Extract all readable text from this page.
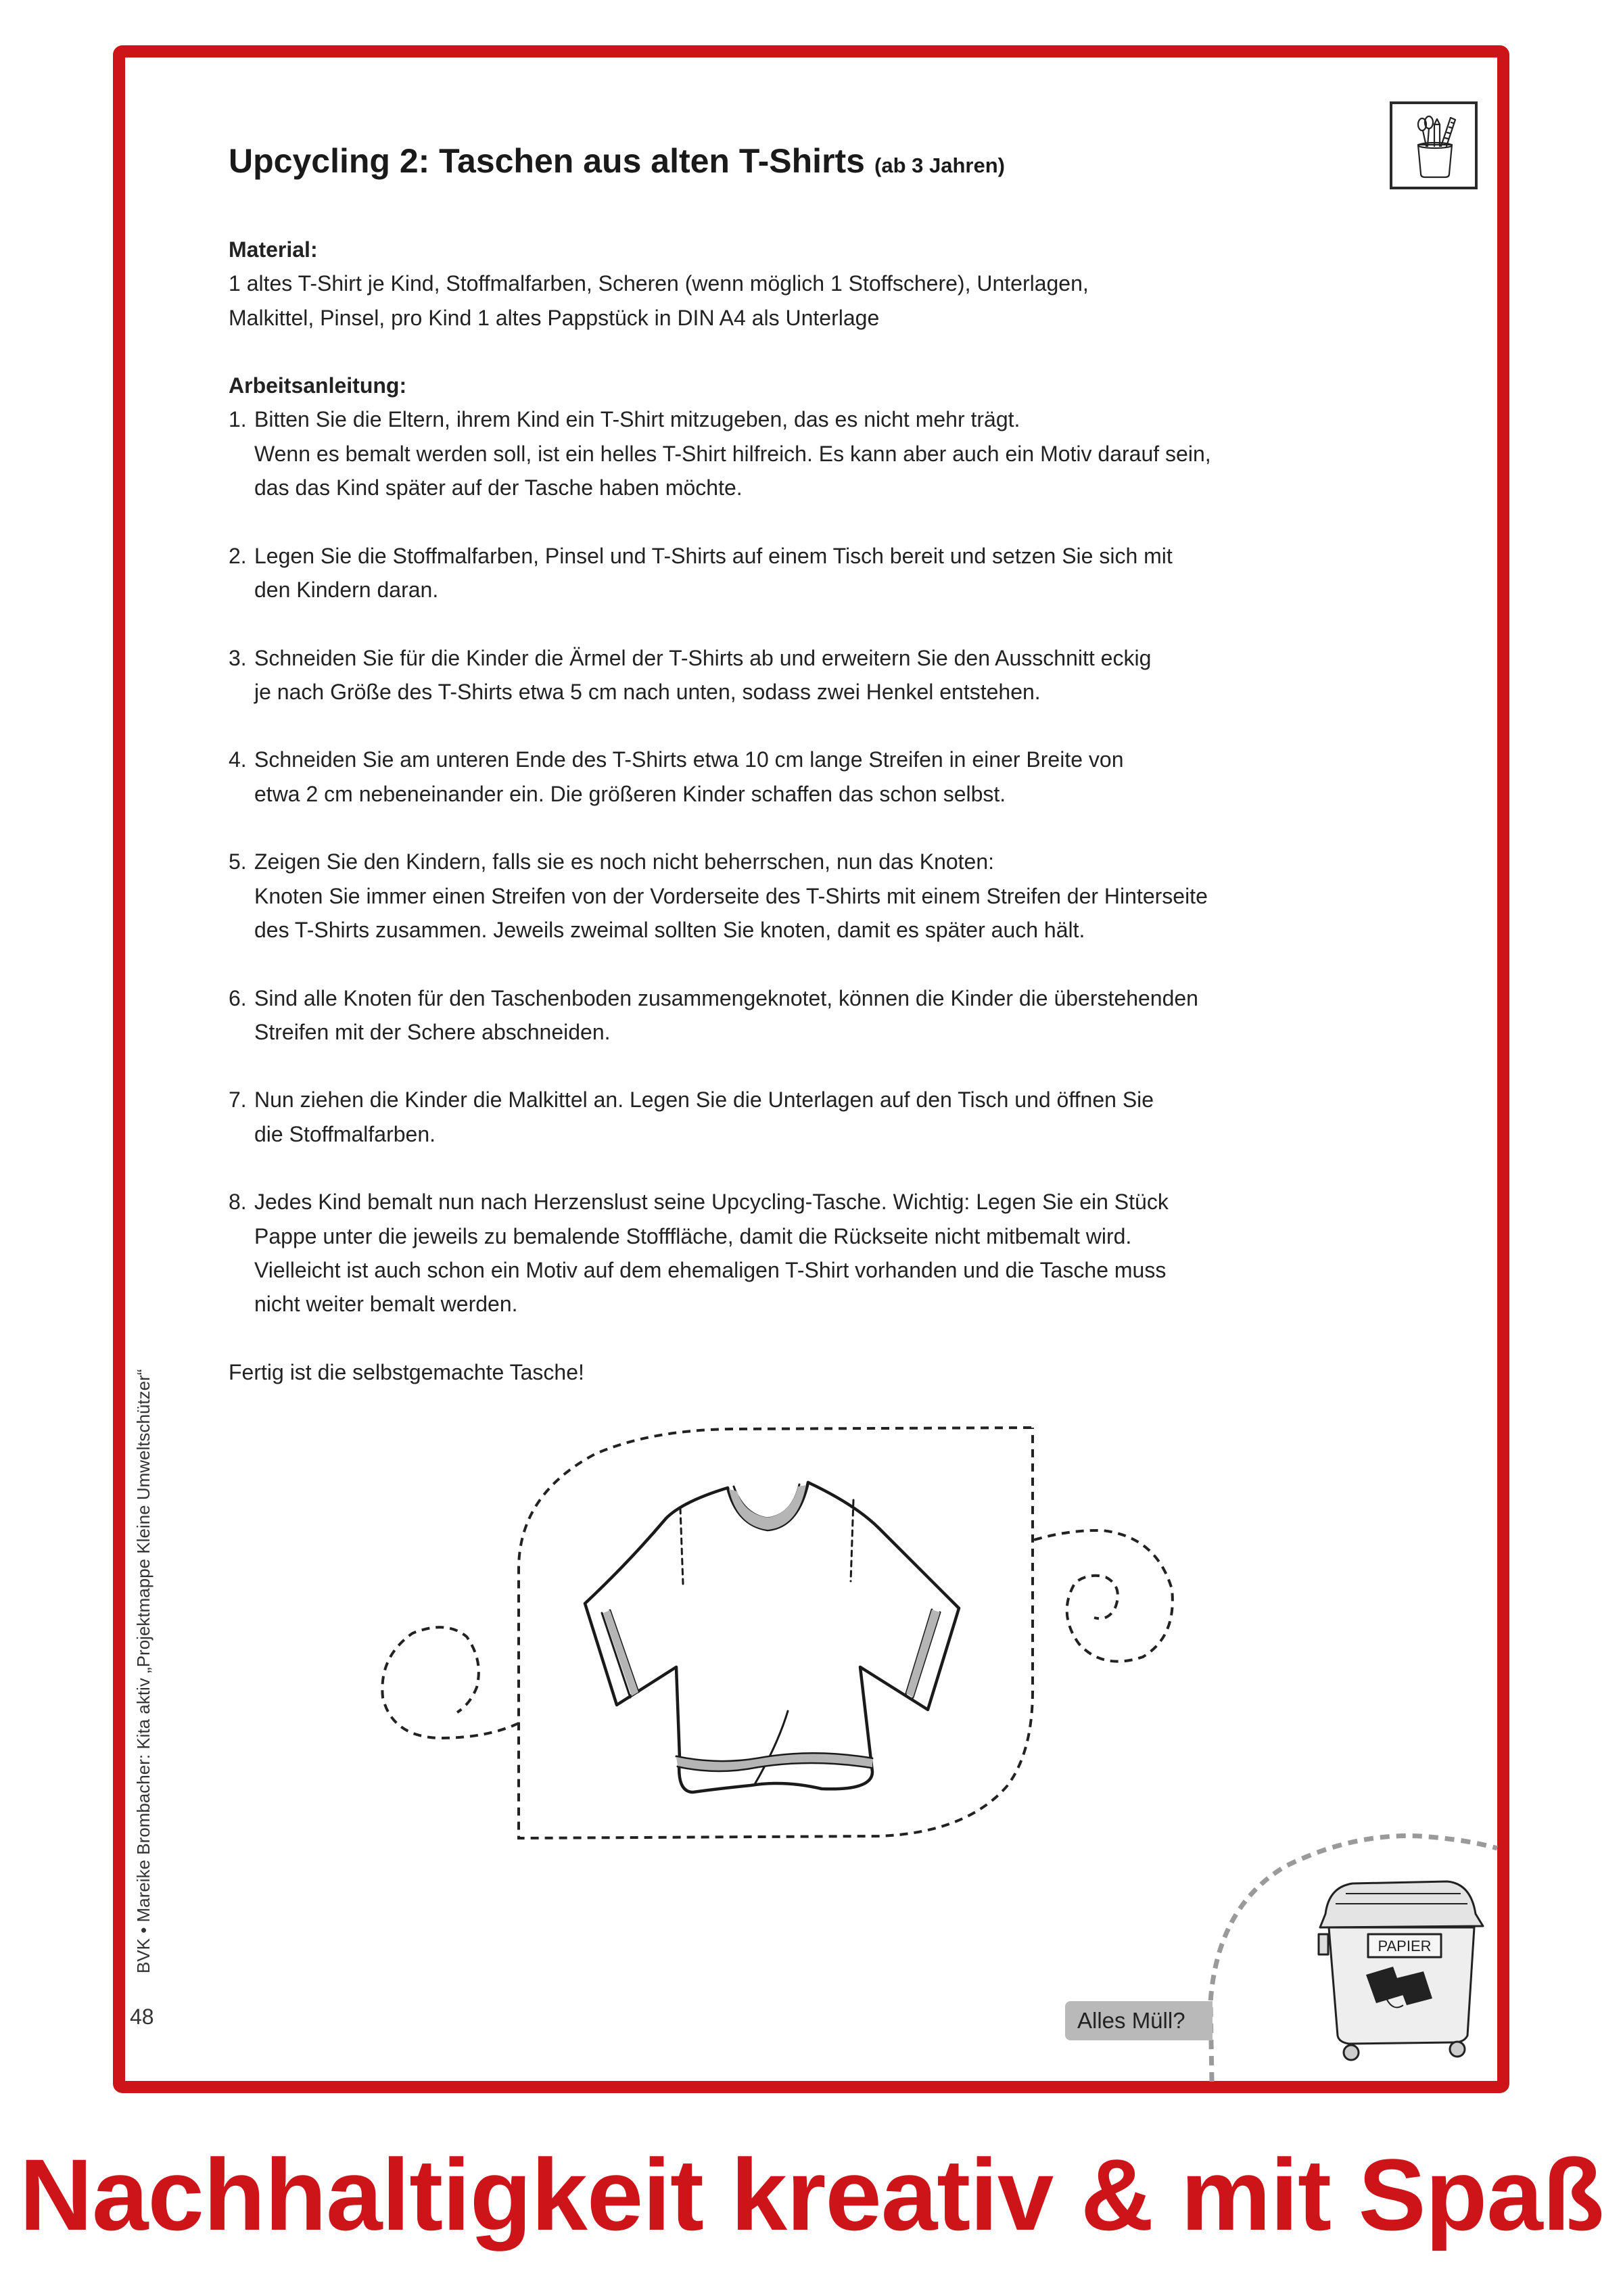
Upcycling 2: Taschen aus alten T-Shirts (ab 3 Jahren)
Material:
1 altes T-Shirt je Kind, Stoffmalfarben, Scheren (wenn möglich 1 Stoffschere), Unterlagen,
Malkittel, Pinsel, pro Kind 1 altes Pappstück in DIN A4 als Unterlage
Arbeitsanleitung:
1. Bitten Sie die Eltern, ihrem Kind ein T-Shirt mitzugeben, das es nicht mehr trägt.
Wenn es bemalt werden soll, ist ein helles T-Shirt hilfreich. Es kann aber auch ein Motiv darauf sein,
das das Kind später auf der Tasche haben möchte.
2. Legen Sie die Stoffmalfarben, Pinsel und T-Shirts auf einem Tisch bereit und setzen Sie sich mit
den Kindern daran.
3. Schneiden Sie für die Kinder die Ärmel der T-Shirts ab und erweitern Sie den Ausschnitt eckig
je nach Größe des T-Shirts etwa 5 cm nach unten, sodass zwei Henkel entstehen.
4. Schneiden Sie am unteren Ende des T-Shirts etwa 10 cm lange Streifen in einer Breite von
etwa 2 cm nebeneinander ein. Die größeren Kinder schaffen das schon selbst.
5. Zeigen Sie den Kindern, falls sie es noch nicht beherrschen, nun das Knoten:
Knoten Sie immer einen Streifen von der Vorderseite des T-Shirts mit einem Streifen der Hinterseite
des T-Shirts zusammen. Jeweils zweimal sollten Sie knoten, damit es später auch hält.
6. Sind alle Knoten für den Taschenboden zusammengeknotet, können die Kinder die überstehenden
Streifen mit der Schere abschneiden.
7. Nun ziehen die Kinder die Malkittel an. Legen Sie die Unterlagen auf den Tisch und öffnen Sie
die Stoffmalfarben.
8. Jedes Kind bemalt nun nach Herzenslust seine Upcycling-Tasche. Wichtig: Legen Sie ein Stück
Pappe unter die jeweils zu bemalende Stofffläche, damit die Rückseite nicht mitbemalt wird.
Vielleicht ist auch schon ein Motiv auf dem ehemaligen T-Shirt vorhanden und die Tasche muss
nicht weiter bemalt werden.
Fertig ist die selbstgemachte Tasche!
PAPIER
BVK • Mareike Brombacher: Kita aktiv „Projektmappe Kleine Umweltschützer“
48	Alles Müll?
Nachhaltigkeit kreativ & mit Spaß
